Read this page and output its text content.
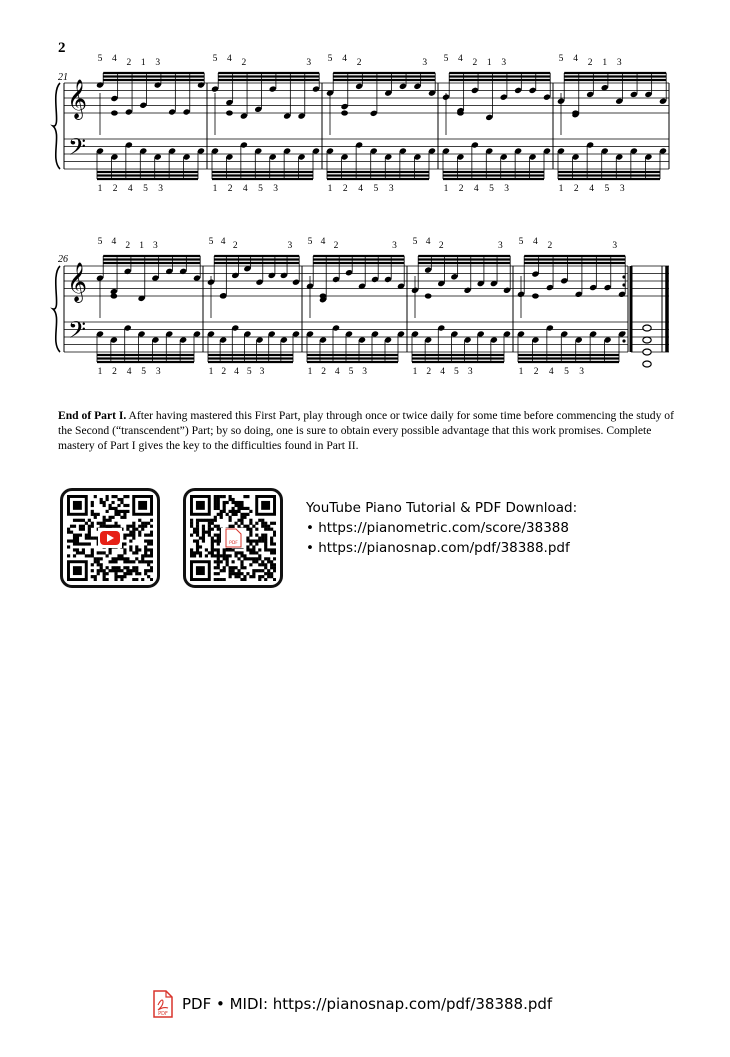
2
21
26
𝄞
𝄢
5 4 2 1 3
1 2 4 5 3
5 4 2	3
1 2 4 5 3
5 4 2	3
1 2 4 5 3
5 4 2 1 3
1 2 4 5 3
5 4 2 1 3
1 2 4 5 3
𝄞
𝄢
5 4 2 1 3
1 2 4 5 3
5 4 2	3
1 2 4 5 3
5 4 2	3
1 2 4 5 3
5 4 2	3
1 2 4 5 3
5 4 2	3
1 2 4 5 3
End of Part I. After having mastered this First Part, play through once or twice daily for some time before commencing the study of the Second (“transcendent”) Part; by so doing, one is sure to obtain every possible advantage that this work promises. Complete mastery of Part I gives the key to the difficulties found in Part II.
PDF
YouTube Piano Tutorial & PDF Download:
• https://pianometric.com/score/38388
• https://pianosnap.com/pdf/38388.pdf
PDF
PDF • MIDI: https://pianosnap.com/pdf/38388.pdf
